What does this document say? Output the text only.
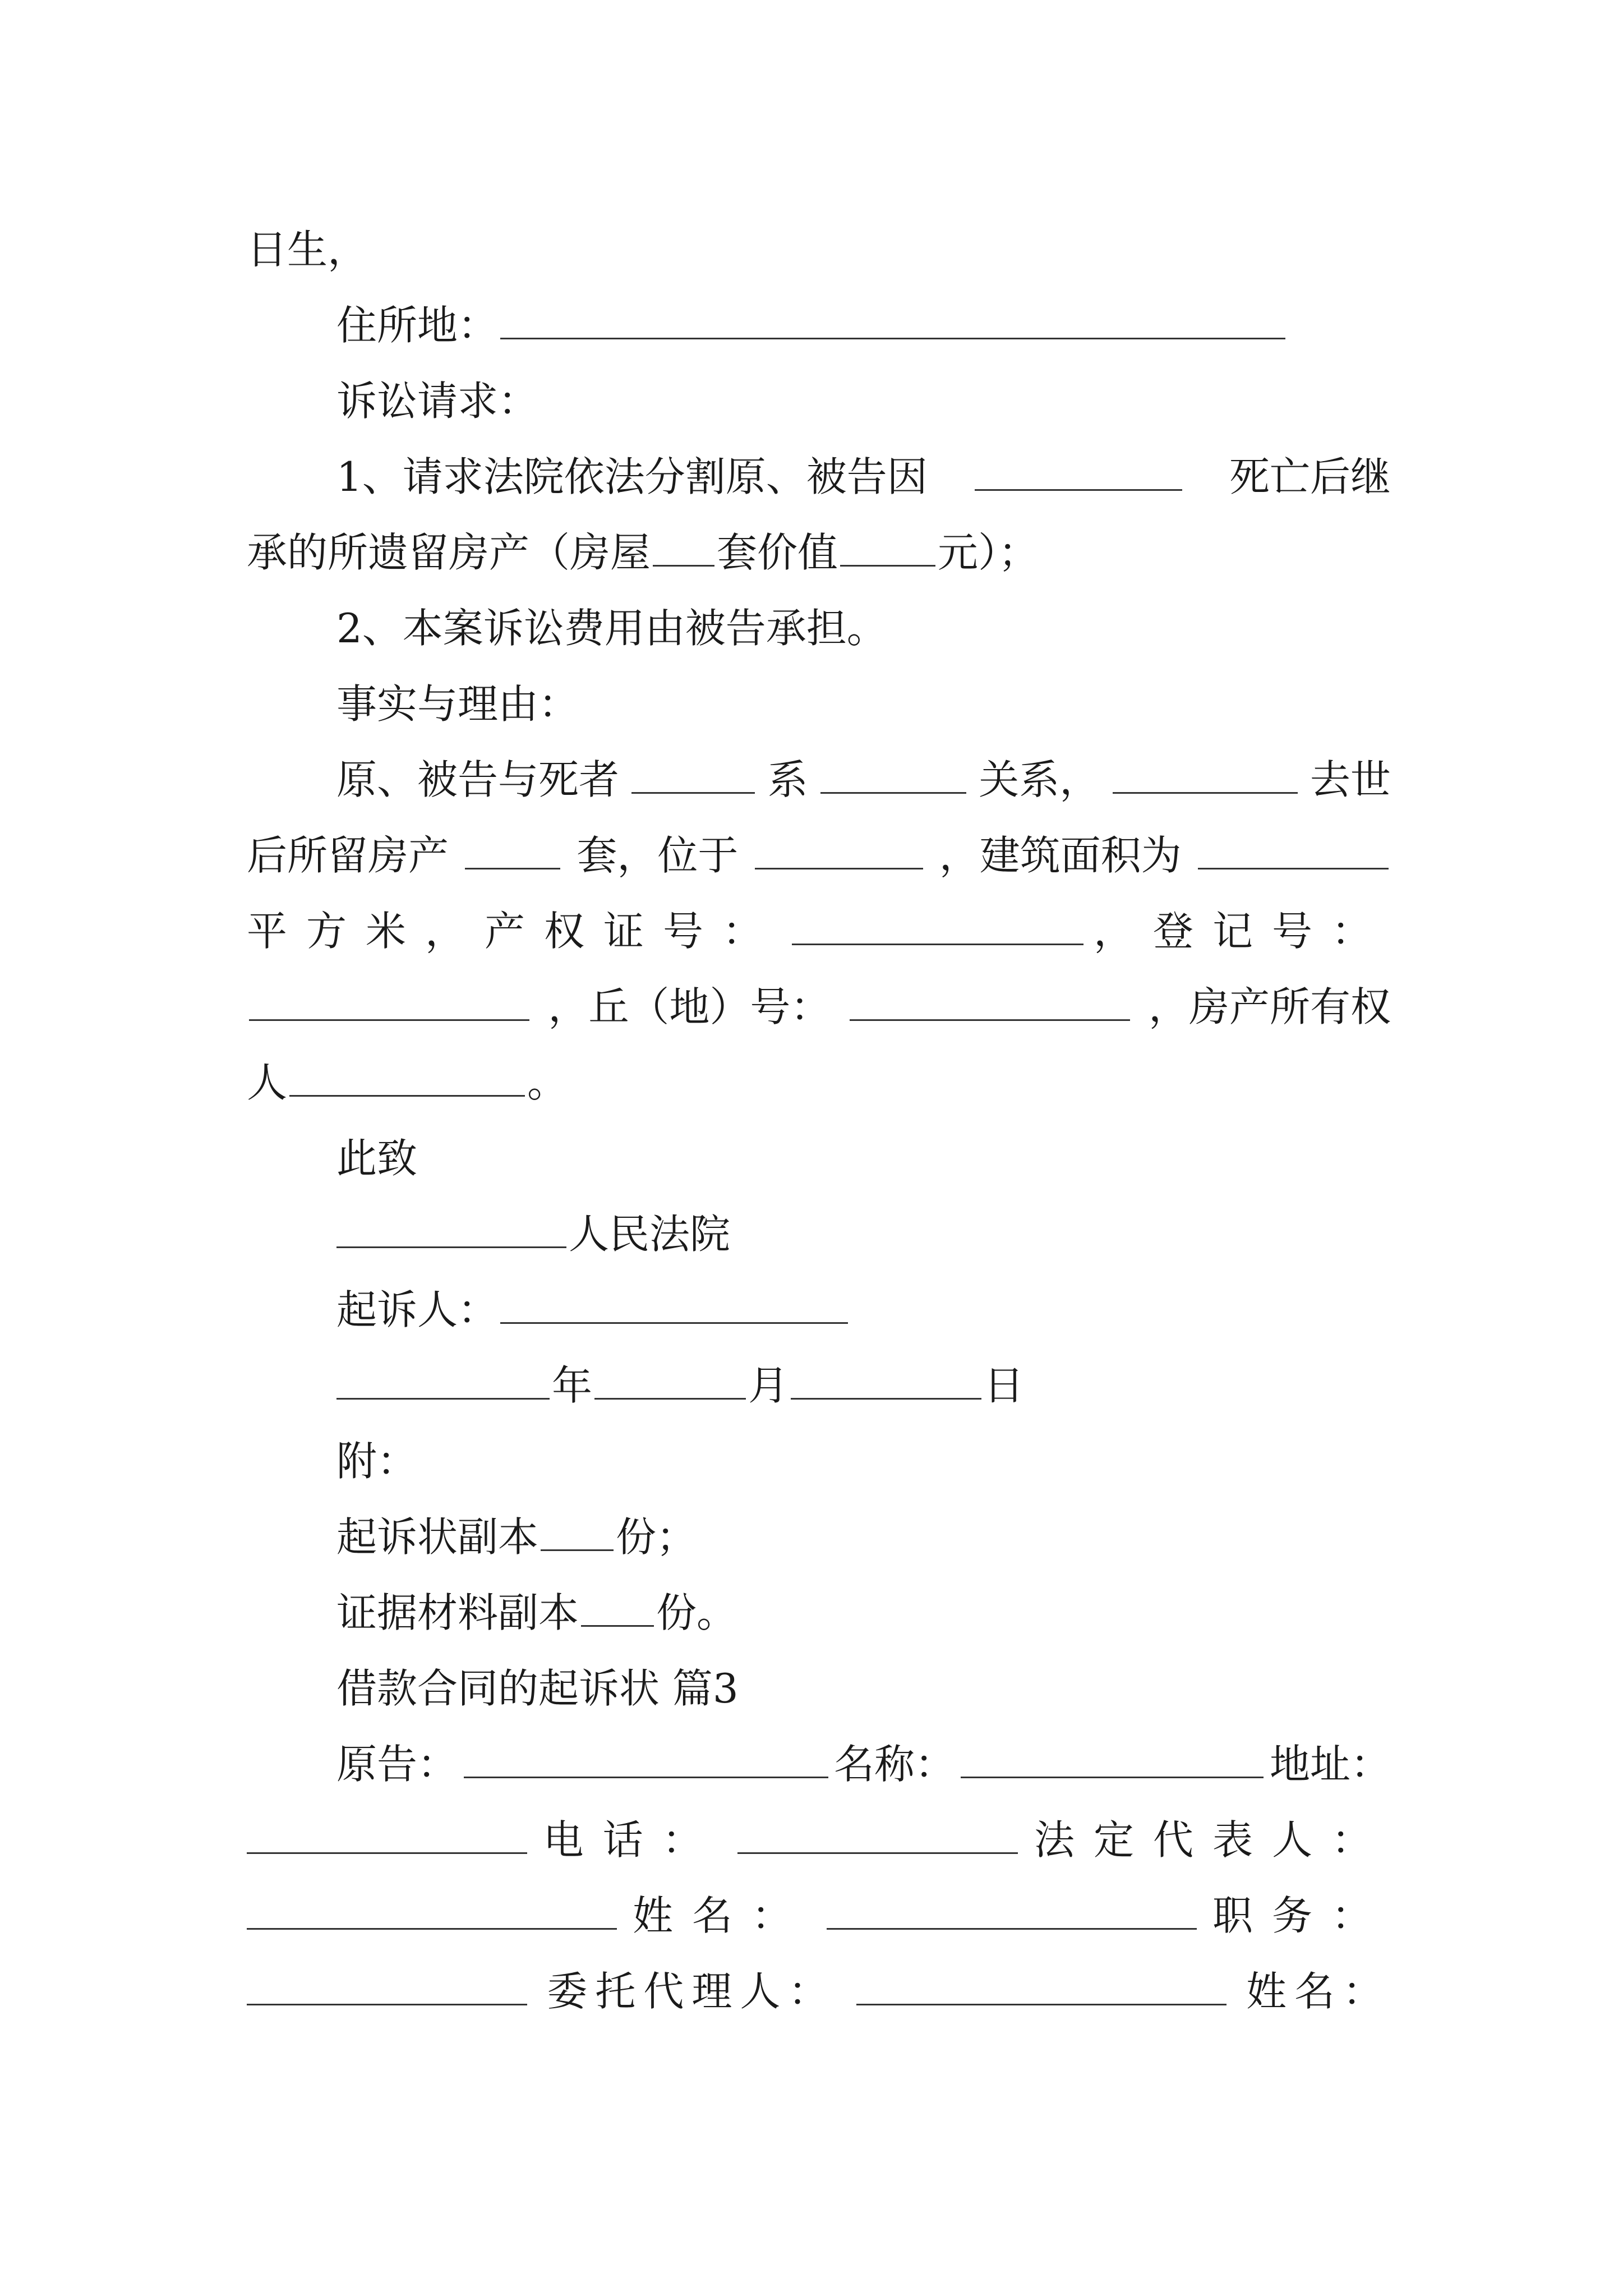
日生，
住所地：
诉讼请求：
1、请求法院依法分割原、被告因	死亡后继
承的所遗留房产（房屋 套价值 元）；
2、本案诉讼费用由被告承担。
事实与理由：
原、被告与死者	系	关系，	去世
后所留房产	套，位于	，建筑面积为
平方米，产权证号：	，登记号：
，丘（地）号：	，房产所有权
人	。
此致
人民法院
起诉人：
年	月	日
附：
起诉状副本 份；
证据材料副本 份。
借款合同的起诉状 篇3
原告：	名称：	地址：
电话：	法定代表人：
姓名：	职务：
委托代理人：	姓名：
